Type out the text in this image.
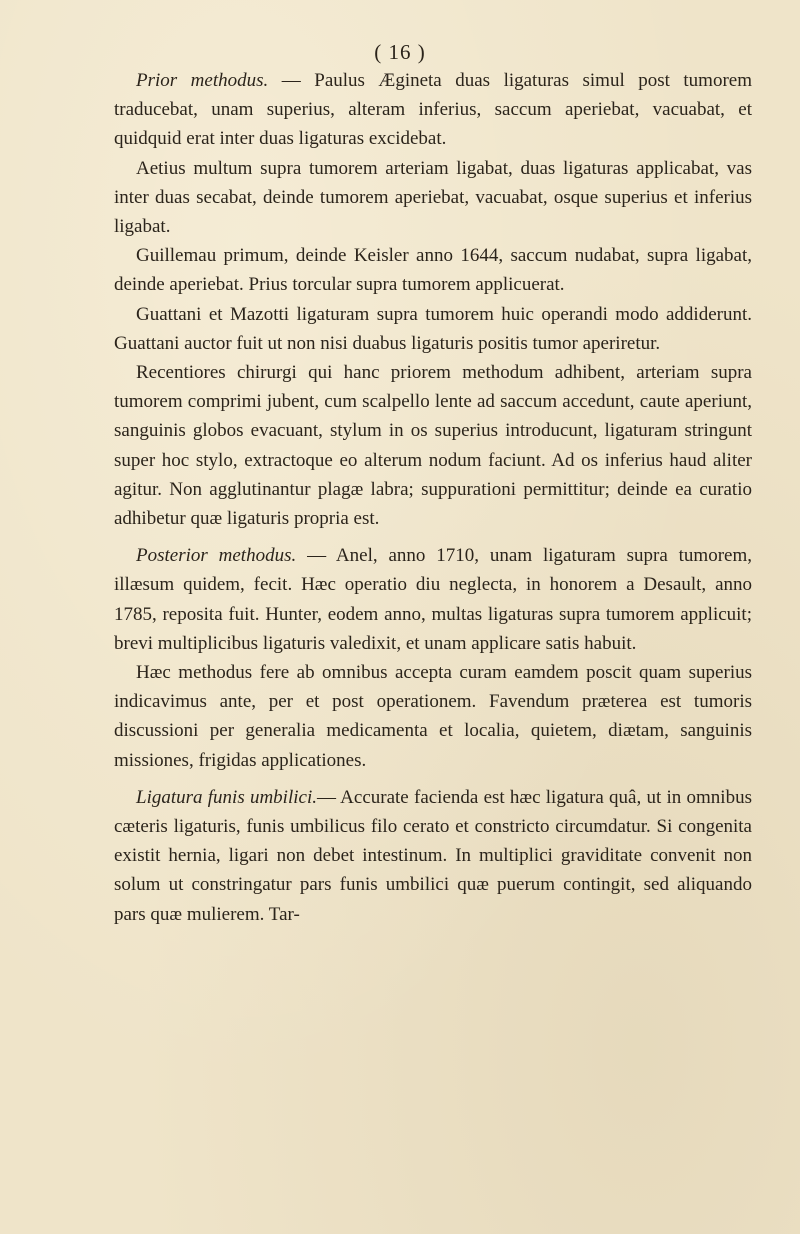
( 16 )

Prior methodus. — Paulus Ægineta duas ligaturas simul post tumorem traducebat, unam superius, alteram inferius, saccum aperiebat, vacuabat, et quidquid erat inter duas ligaturas excidebat.

Aetius multum supra tumorem arteriam ligabat, duas ligaturas applicabat, vas inter duas secabat, deinde tumorem aperiebat, vacuabat, osque superius et inferius ligabat.

Guillemau primum, deinde Keisler anno 1644, saccum nudabat, supra ligabat, deinde aperiebat. Prius torcular supra tumorem applicuerat.

Guattani et Mazotti ligaturam supra tumorem huic operandi modo addiderunt. Guattani auctor fuit ut non nisi duabus ligaturis positis tumor aperiretur.

Recentiores chirurgi qui hanc priorem methodum adhibent, arteriam supra tumorem comprimi jubent, cum scalpello lente ad saccum accedunt, caute aperiunt, sanguinis globos evacuant, stylum in os superius introducunt, ligaturam stringunt super hoc stylo, extractoque eo alterum nodum faciunt. Ad os inferius haud aliter agitur. Non agglutinantur plagæ labra; suppurationi permittitur; deinde ea curatio adhibetur quæ ligaturis propria est.

Posterior methodus. — Anel, anno 1710, unam ligaturam supra tumorem, illæsum quidem, fecit. Hæc operatio diu neglecta, in honorem a Desault, anno 1785, reposita fuit. Hunter, eodem anno, multas ligaturas supra tumorem applicuit; brevi multiplicibus ligaturis valedixit, et unam applicare satis habuit.

Hæc methodus fere ab omnibus accepta curam eamdem poscit quam superius indicavimus ante, per et post operationem. Favendum præterea est tumoris discussioni per generalia medicamenta et localia, quietem, diætam, sanguinis missiones, frigidas applicationes.

Ligatura funis umbilici.— Accurate facienda est hæc ligatura quâ, ut in omnibus cæteris ligaturis, funis umbilicus filo cerato et constricto circumdatur. Si congenita existit hernia, ligari non debet intestinum. In multiplici graviditate convenit non solum ut constringatur pars funis umbilici quæ puerum contingit, sed aliquando pars quæ mulierem. Tar-
